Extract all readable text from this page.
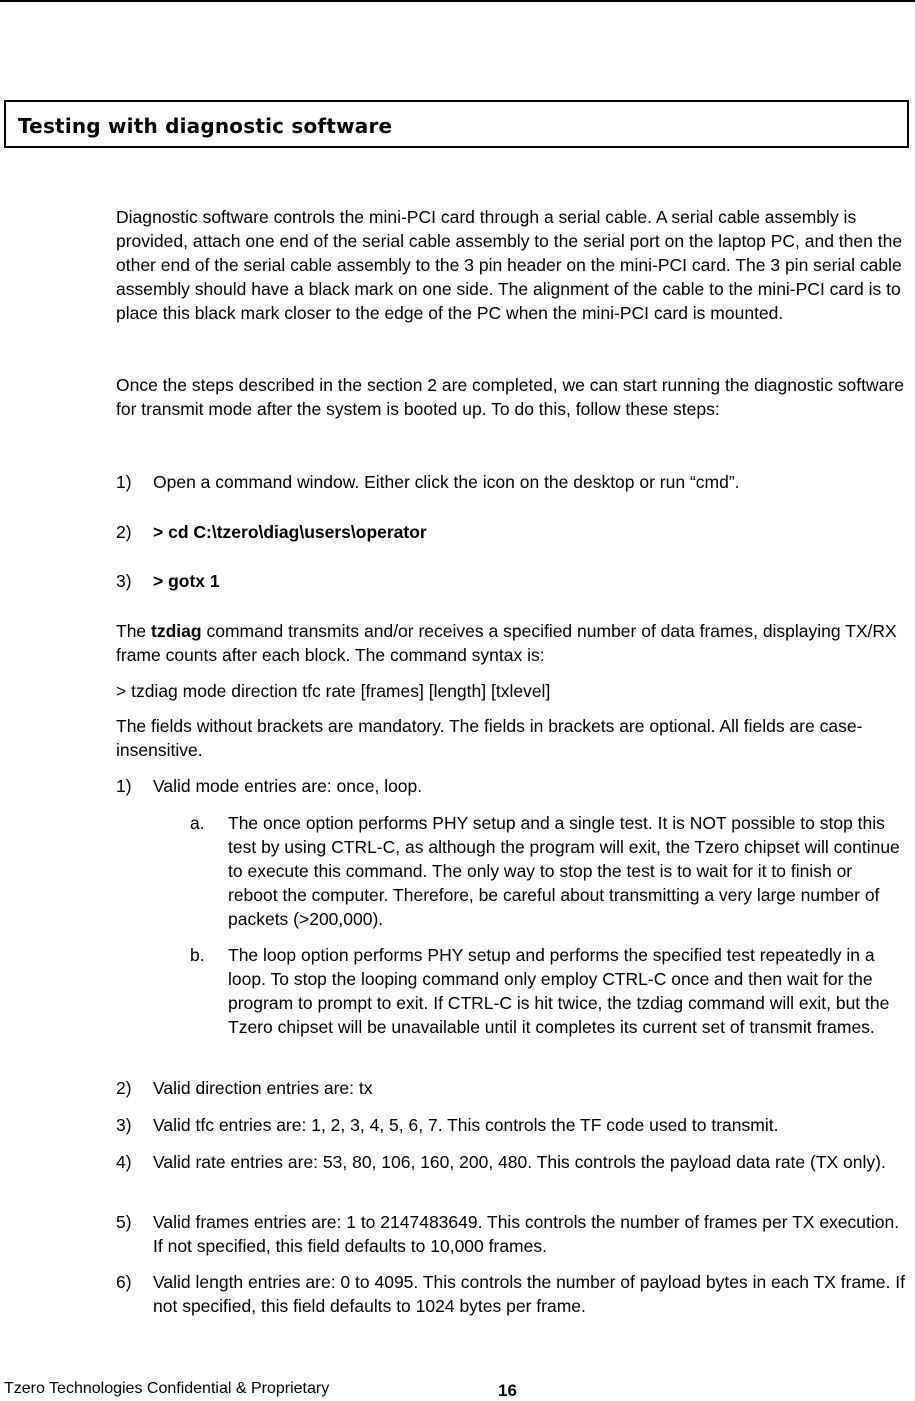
Testing with diagnostic software

Diagnostic software controls the mini-PCI card through a serial cable. A serial cable assembly is provided, attach one end of the serial cable assembly to the serial port on the laptop PC, and then the other end of the serial cable assembly to the 3 pin header on the mini-PCI card. The 3 pin serial cable assembly should have a black mark on one side. The alignment of the cable to the mini-PCI card is to place this black mark closer to the edge of the PC when the mini-PCI card is mounted.

Once the steps described in the section 2 are completed, we can start running the diagnostic software for transmit mode after the system is booted up. To do this, follow these steps:

1) Open a command window. Either click the icon on the desktop or run “cmd”.
2) > cd C:\tzero\diag\users\operator
3) > gotx 1

The tzdiag command transmits and/or receives a specified number of data frames, displaying TX/RX frame counts after each block. The command syntax is:

> tzdiag mode direction tfc rate [frames] [length] [txlevel]

The fields without brackets are mandatory. The fields in brackets are optional. All fields are case-insensitive.

1) Valid mode entries are: once, loop.
a. The once option performs PHY setup and a single test. It is NOT possible to stop this test by using CTRL-C, as although the program will exit, the Tzero chipset will continue to execute this command. The only way to stop the test is to wait for it to finish or reboot the computer. Therefore, be careful about transmitting a very large number of packets (>200,000).
b. The loop option performs PHY setup and performs the specified test repeatedly in a loop. To stop the looping command only employ CTRL-C once and then wait for the program to prompt to exit. If CTRL-C is hit twice, the tzdiag command will exit, but the Tzero chipset will be unavailable until it completes its current set of transmit frames.
2) Valid direction entries are: tx
3) Valid tfc entries are: 1, 2, 3, 4, 5, 6, 7. This controls the TF code used to transmit.
4) Valid rate entries are: 53, 80, 106, 160, 200, 480. This controls the payload data rate (TX only).
5) Valid frames entries are: 1 to 2147483649. This controls the number of frames per TX execution. If not specified, this field defaults to 10,000 frames.
6) Valid length entries are: 0 to 4095. This controls the number of payload bytes in each TX frame. If not specified, this field defaults to 1024 bytes per frame.
Tzero Technologies Confidential & Proprietary	16
